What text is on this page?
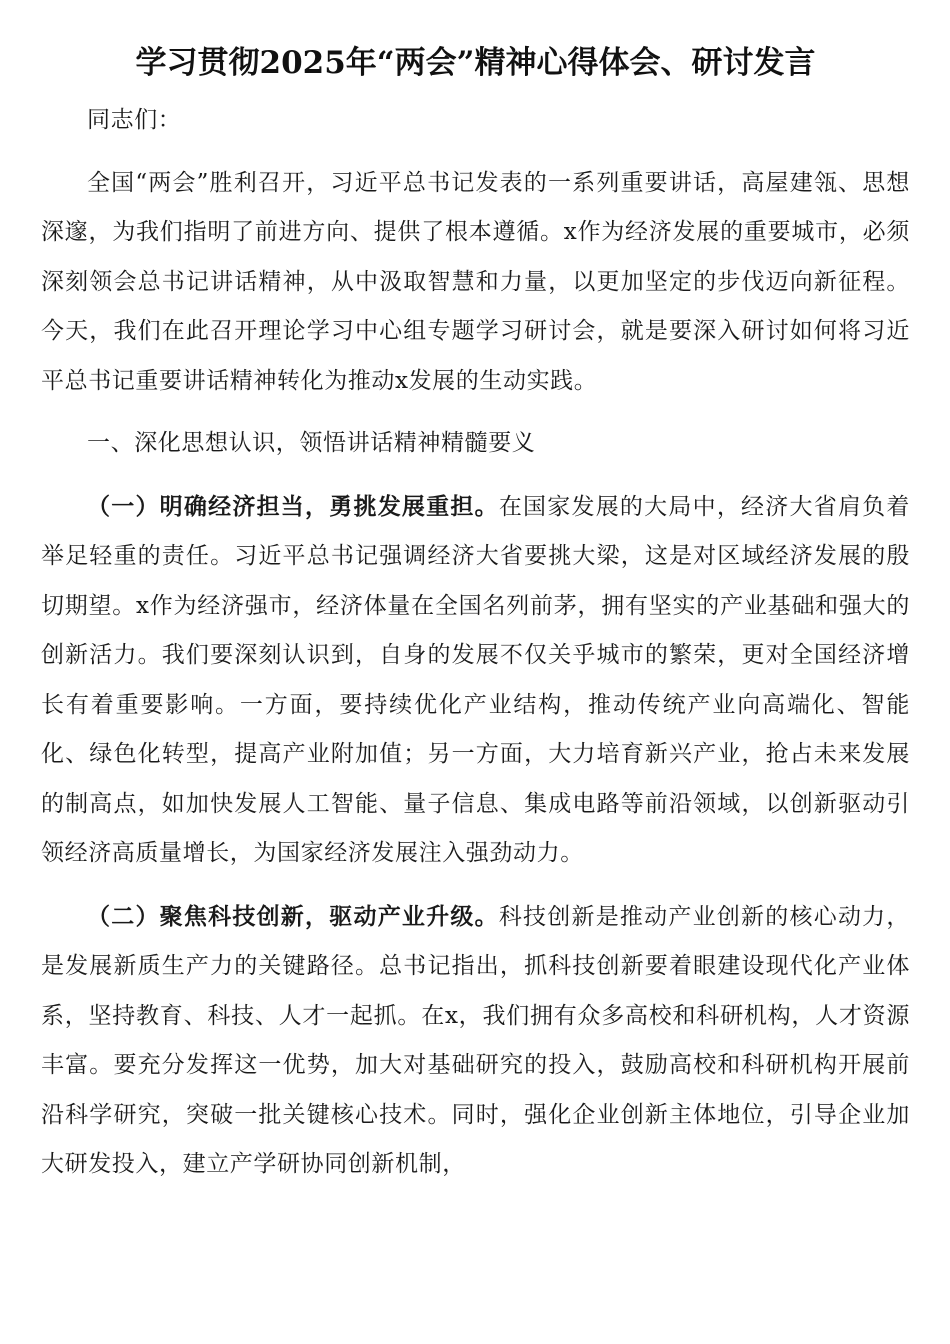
学习贯彻2025年“两会”精神心得体会、研讨发言

同志们：

全国“两会”胜利召开，习近平总书记发表的一系列重要讲话，高屋建瓴、思想深邃，为我们指明了前进方向、提供了根本遵循。x作为经济发展的重要城市，必须深刻领会总书记讲话精神，从中汲取智慧和力量，以更加坚定的步伐迈向新征程。今天，我们在此召开理论学习中心组专题学习研讨会，就是要深入研讨如何将习近平总书记重要讲话精神转化为推动x发展的生动实践。

一、深化思想认识，领悟讲话精神精髓要义

（一）明确经济担当，勇挑发展重担。在国家发展的大局中，经济大省肩负着举足轻重的责任。习近平总书记强调经济大省要挑大梁，这是对区域经济发展的殷切期望。x作为经济强市，经济体量在全国名列前茅，拥有坚实的产业基础和强大的创新活力。我们要深刻认识到，自身的发展不仅关乎城市的繁荣，更对全国经济增长有着重要影响。一方面，要持续优化产业结构，推动传统产业向高端化、智能化、绿色化转型，提高产业附加值；另一方面，大力培育新兴产业，抢占未来发展的制高点，如加快发展人工智能、量子信息、集成电路等前沿领域，以创新驱动引领经济高质量增长，为国家经济发展注入强劲动力。

（二）聚焦科技创新，驱动产业升级。科技创新是推动产业创新的核心动力，是发展新质生产力的关键路径。总书记指出，抓科技创新要着眼建设现代化产业体系，坚持教育、科技、人才一起抓。在x，我们拥有众多高校和科研机构，人才资源丰富。要充分发挥这一优势，加大对基础研究的投入，鼓励高校和科研机构开展前沿科学研究，突破一批关键核心技术。同时，强化企业创新主体地位，引导企业加大研发投入，建立产学研协同创新机制，
